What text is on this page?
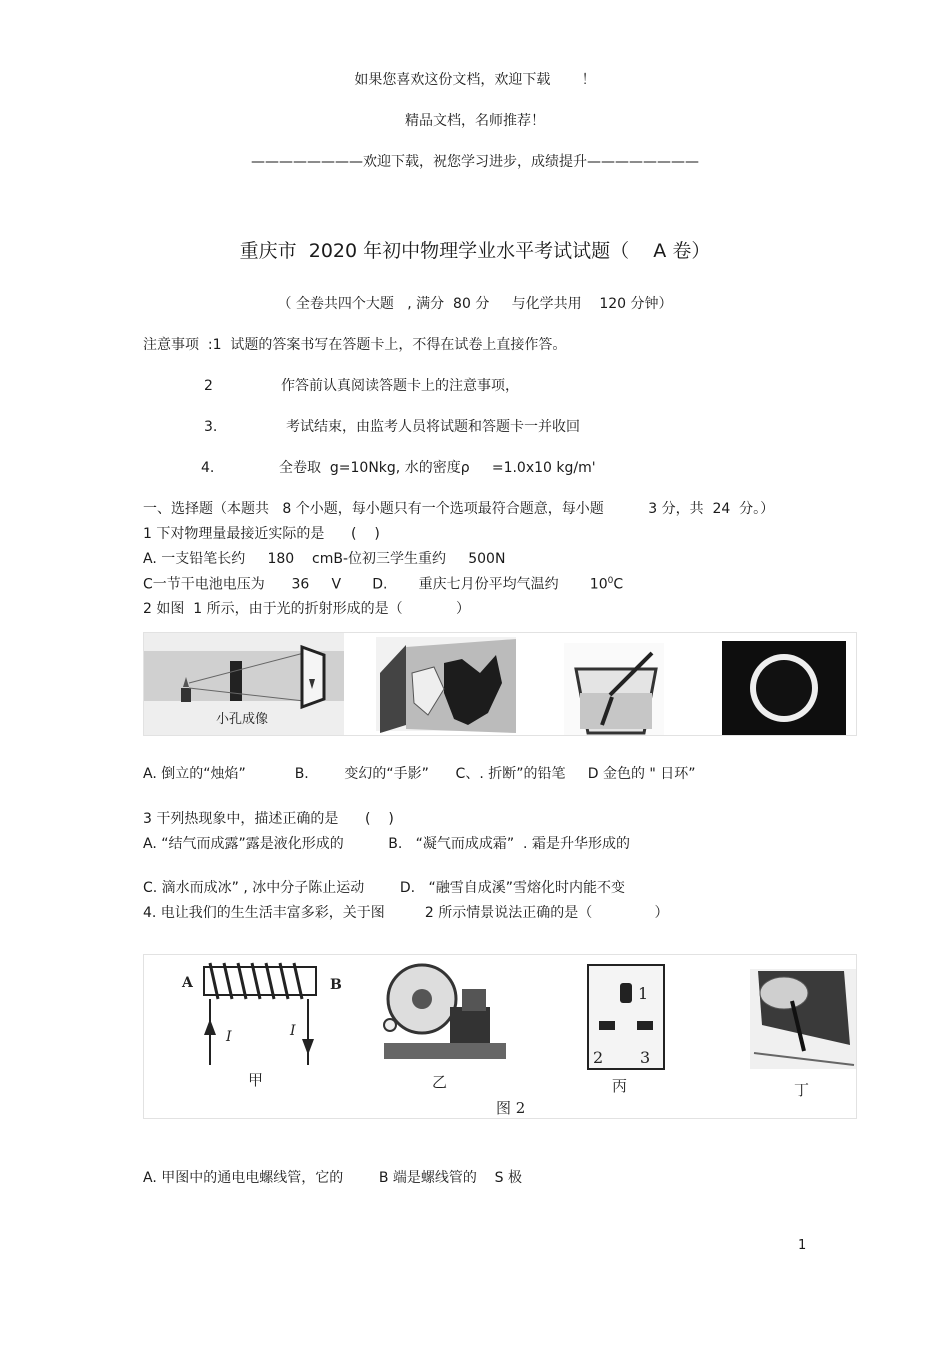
如果您喜欢这份文档，欢迎下载       ！
精品文档，名师推荐！
————————欢迎下载，祝您学习进步，成绩提升————————
重庆市  2020 年初中物理学业水平考试试题（    A 卷）
（ 全卷共四个大题   , 满分  80 分     与化学共用    120 分钟）
注意事项  :1  试题的答案书写在答题卡上，不得在试卷上直接作答。
2	作答前认真阅读答题卡上的注意事项，
3.	考试结束，由监考人员将试题和答题卡一并收回
4.	全卷取  g=10Nkg, 水的密度ρ     =1.0x10 kg/m'
一、选择题（本题共   8 个小题，每小题只有一个选项最符合题意，每小题          3 分，共  24  分。）
1 下对物理量最接近实际的是      (    )
A. 一支铅笔长约     180    cmB-位初三学生重约     500N
C一节干电池电压为      36     V       D.       重庆七月份平均气温约       $10^0C$
2 如图  1 所示，由于光的折射形成的是（            ）
小孔成像
A. 倒立的“烛焰”           B.        变幻的“手影”      C、. 折断”的铅笔     D 金色的 " 日环”
3 干列热现象中，描述正确的是      (    )
A. “结气而成露”露是液化形成的          B.   “凝气而成成霜”  . 霜是升华形成的
C. 滴水而成冰” , 冰中分子陈止运动        D.   “融雪自成溪”雪熔化时内能不变
4. 电让我们的生生活丰富多彩，关于图         2 所示情景说法正确的是（              ）
A	B
I	I
甲	乙
1
2 3
丙	丁
图 2
A. 甲图中的通电电螺线管，它的        B 端是螺线管的    S 极
1
